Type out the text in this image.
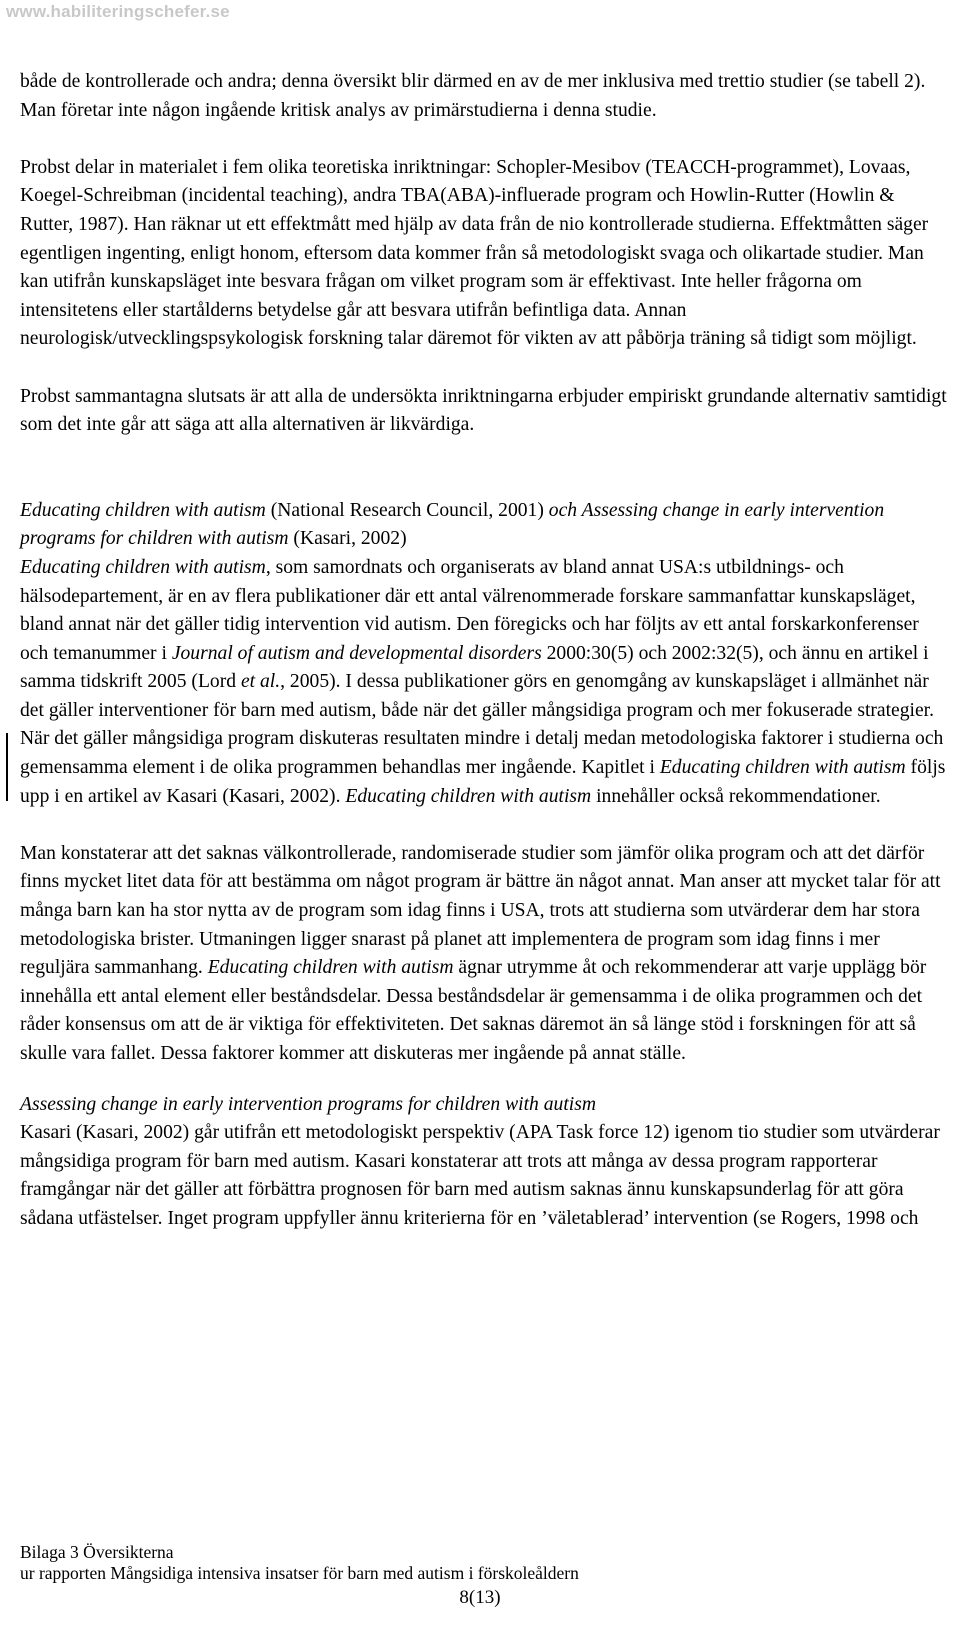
www.habiliteringschefer.se

både de kontrollerade och andra; denna översikt blir därmed en av de mer inklusiva med trettio studier (se tabell 2). Man företar inte någon ingående kritisk analys av primärstudierna i denna studie.

Probst delar in materialet i fem olika teoretiska inriktningar: Schopler-Mesibov (TEACCH-programmet), Lovaas, Koegel-Schreibman (incidental teaching), andra TBA(ABA)-influerade program och Howlin-Rutter (Howlin & Rutter, 1987). Han räknar ut ett effektmått med hjälp av data från de nio kontrollerade studierna. Effektmåtten säger egentligen ingenting, enligt honom, eftersom data kommer från så metodologiskt svaga och olikartade studier. Man kan utifrån kunskapsläget inte besvara frågan om vilket program som är effektivast. Inte heller frågorna om intensitetens eller startålderns betydelse går att besvara utifrån befintliga data. Annan neurologisk/utvecklingspsykologisk forskning talar däremot för vikten av att påbörja träning så tidigt som möjligt.

Probst sammantagna slutsats är att alla de undersökta inriktningarna erbjuder empiriskt grundande alternativ samtidigt som det inte går att säga att alla alternativen är likvärdiga.

Educating children with autism (National Research Council, 2001) och Assessing change in early intervention programs for children with autism (Kasari, 2002)

Educating children with autism, som samordnats och organiserats av bland annat USA:s utbildnings- och hälsodepartement, är en av flera publikationer där ett antal välrenommerade forskare sammanfattar kunskapsläget, bland annat när det gäller tidig intervention vid autism. Den föregicks och har följts av ett antal forskarkonferenser och temanummer i Journal of autism and developmental disorders 2000:30(5) och 2002:32(5), och ännu en artikel i samma tidskrift 2005 (Lord et al., 2005). I dessa publikationer görs en genomgång av kunskapsläget i allmänhet när det gäller interventioner för barn med autism, både när det gäller mångsidiga program och mer fokuserade strategier. När det gäller mångsidiga program diskuteras resultaten mindre i detalj medan metodologiska faktorer i studierna och gemensamma element i de olika programmen behandlas mer ingående. Kapitlet i Educating children with autism följs upp i en artikel av Kasari (Kasari, 2002). Educating children with autism innehåller också rekommendationer.

Man konstaterar att det saknas välkontrollerade, randomiserade studier som jämför olika program och att det därför finns mycket litet data för att bestämma om något program är bättre än något annat. Man anser att mycket talar för att många barn kan ha stor nytta av de program som idag finns i USA, trots att studierna som utvärderar dem har stora metodologiska brister. Utmaningen ligger snarast på planet att implementera de program som idag finns i mer reguljära sammanhang. Educating children with autism ägnar utrymme åt och rekommenderar att varje upplägg bör innehålla ett antal element eller beståndsdelar. Dessa beståndsdelar är gemensamma i de olika programmen och det råder konsensus om att de är viktiga för effektiviteten. Det saknas däremot än så länge stöd i forskningen för att så skulle vara fallet. Dessa faktorer kommer att diskuteras mer ingående på annat ställe.

Assessing change in early intervention programs for children with autism

Kasari (Kasari, 2002) går utifrån ett metodologiskt perspektiv (APA Task force 12) igenom tio studier som utvärderar mångsidiga program för barn med autism. Kasari konstaterar att trots att många av dessa program rapporterar framgångar när det gäller att förbättra prognosen för barn med autism saknas ännu kunskapsunderlag för att göra sådana utfästelser. Inget program uppfyller ännu kriterierna för en ’väletablerad’ intervention (se Rogers, 1998 och

Bilaga 3 Översikterna
ur rapporten Mångsidiga intensiva insatser för barn med autism i förskoleåldern
8(13)
